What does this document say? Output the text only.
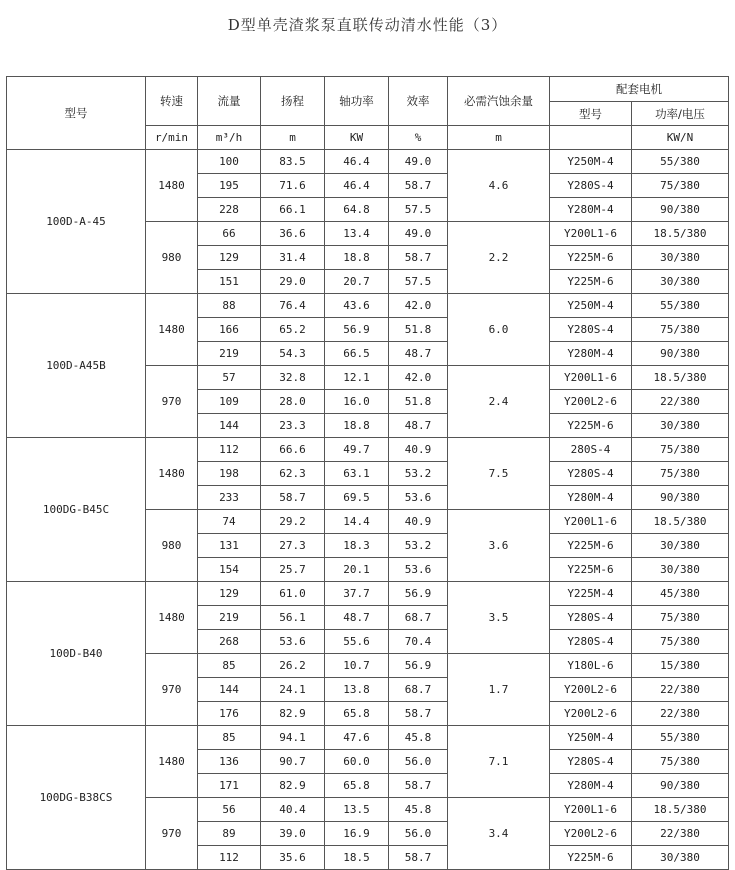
D型单壳渣浆泵直联传动清水性能（3）
型号	转速	流量	扬程	轴功率	效率	必需汽蚀余量	配套电机	
							型号	功率/电压
	r/min	m³/h	m	KW	%	m		KW/N
100D-A-45	1480	100	83.5	46.4	49.0	4.6	Y250M-4	55/380
		195	71.6	46.4	58.7		Y280S-4	75/380
		228	66.1	64.8	57.5		Y280M-4	90/380
	980	66	36.6	13.4	49.0	2.2	Y200L1-6	18.5/380
		129	31.4	18.8	58.7		Y225M-6	30/380
		151	29.0	20.7	57.5		Y225M-6	30/380
100D-A45B	1480	88	76.4	43.6	42.0	6.0	Y250M-4	55/380
		166	65.2	56.9	51.8		Y280S-4	75/380
		219	54.3	66.5	48.7		Y280M-4	90/380
	970	57	32.8	12.1	42.0	2.4	Y200L1-6	18.5/380
		109	28.0	16.0	51.8		Y200L2-6	22/380
		144	23.3	18.8	48.7		Y225M-6	30/380
100DG-B45C	1480	112	66.6	49.7	40.9	7.5	280S-4	75/380
		198	62.3	63.1	53.2		Y280S-4	75/380
		233	58.7	69.5	53.6		Y280M-4	90/380
	980	74	29.2	14.4	40.9	3.6	Y200L1-6	18.5/380
		131	27.3	18.3	53.2		Y225M-6	30/380
		154	25.7	20.1	53.6		Y225M-6	30/380
100D-B40	1480	129	61.0	37.7	56.9	3.5	Y225M-4	45/380
		219	56.1	48.7	68.7		Y280S-4	75/380
		268	53.6	55.6	70.4		Y280S-4	75/380
	970	85	26.2	10.7	56.9	1.7	Y180L-6	15/380
		144	24.1	13.8	68.7		Y200L2-6	22/380
		176	82.9	65.8	58.7		Y200L2-6	22/380
100DG-B38CS	1480	85	94.1	47.6	45.8	7.1	Y250M-4	55/380
		136	90.7	60.0	56.0		Y280S-4	75/380
		171	82.9	65.8	58.7		Y280M-4	90/380
	970	56	40.4	13.5	45.8	3.4	Y200L1-6	18.5/380
		89	39.0	16.9	56.0		Y200L2-6	22/380
		112	35.6	18.5	58.7		Y225M-6	30/380
